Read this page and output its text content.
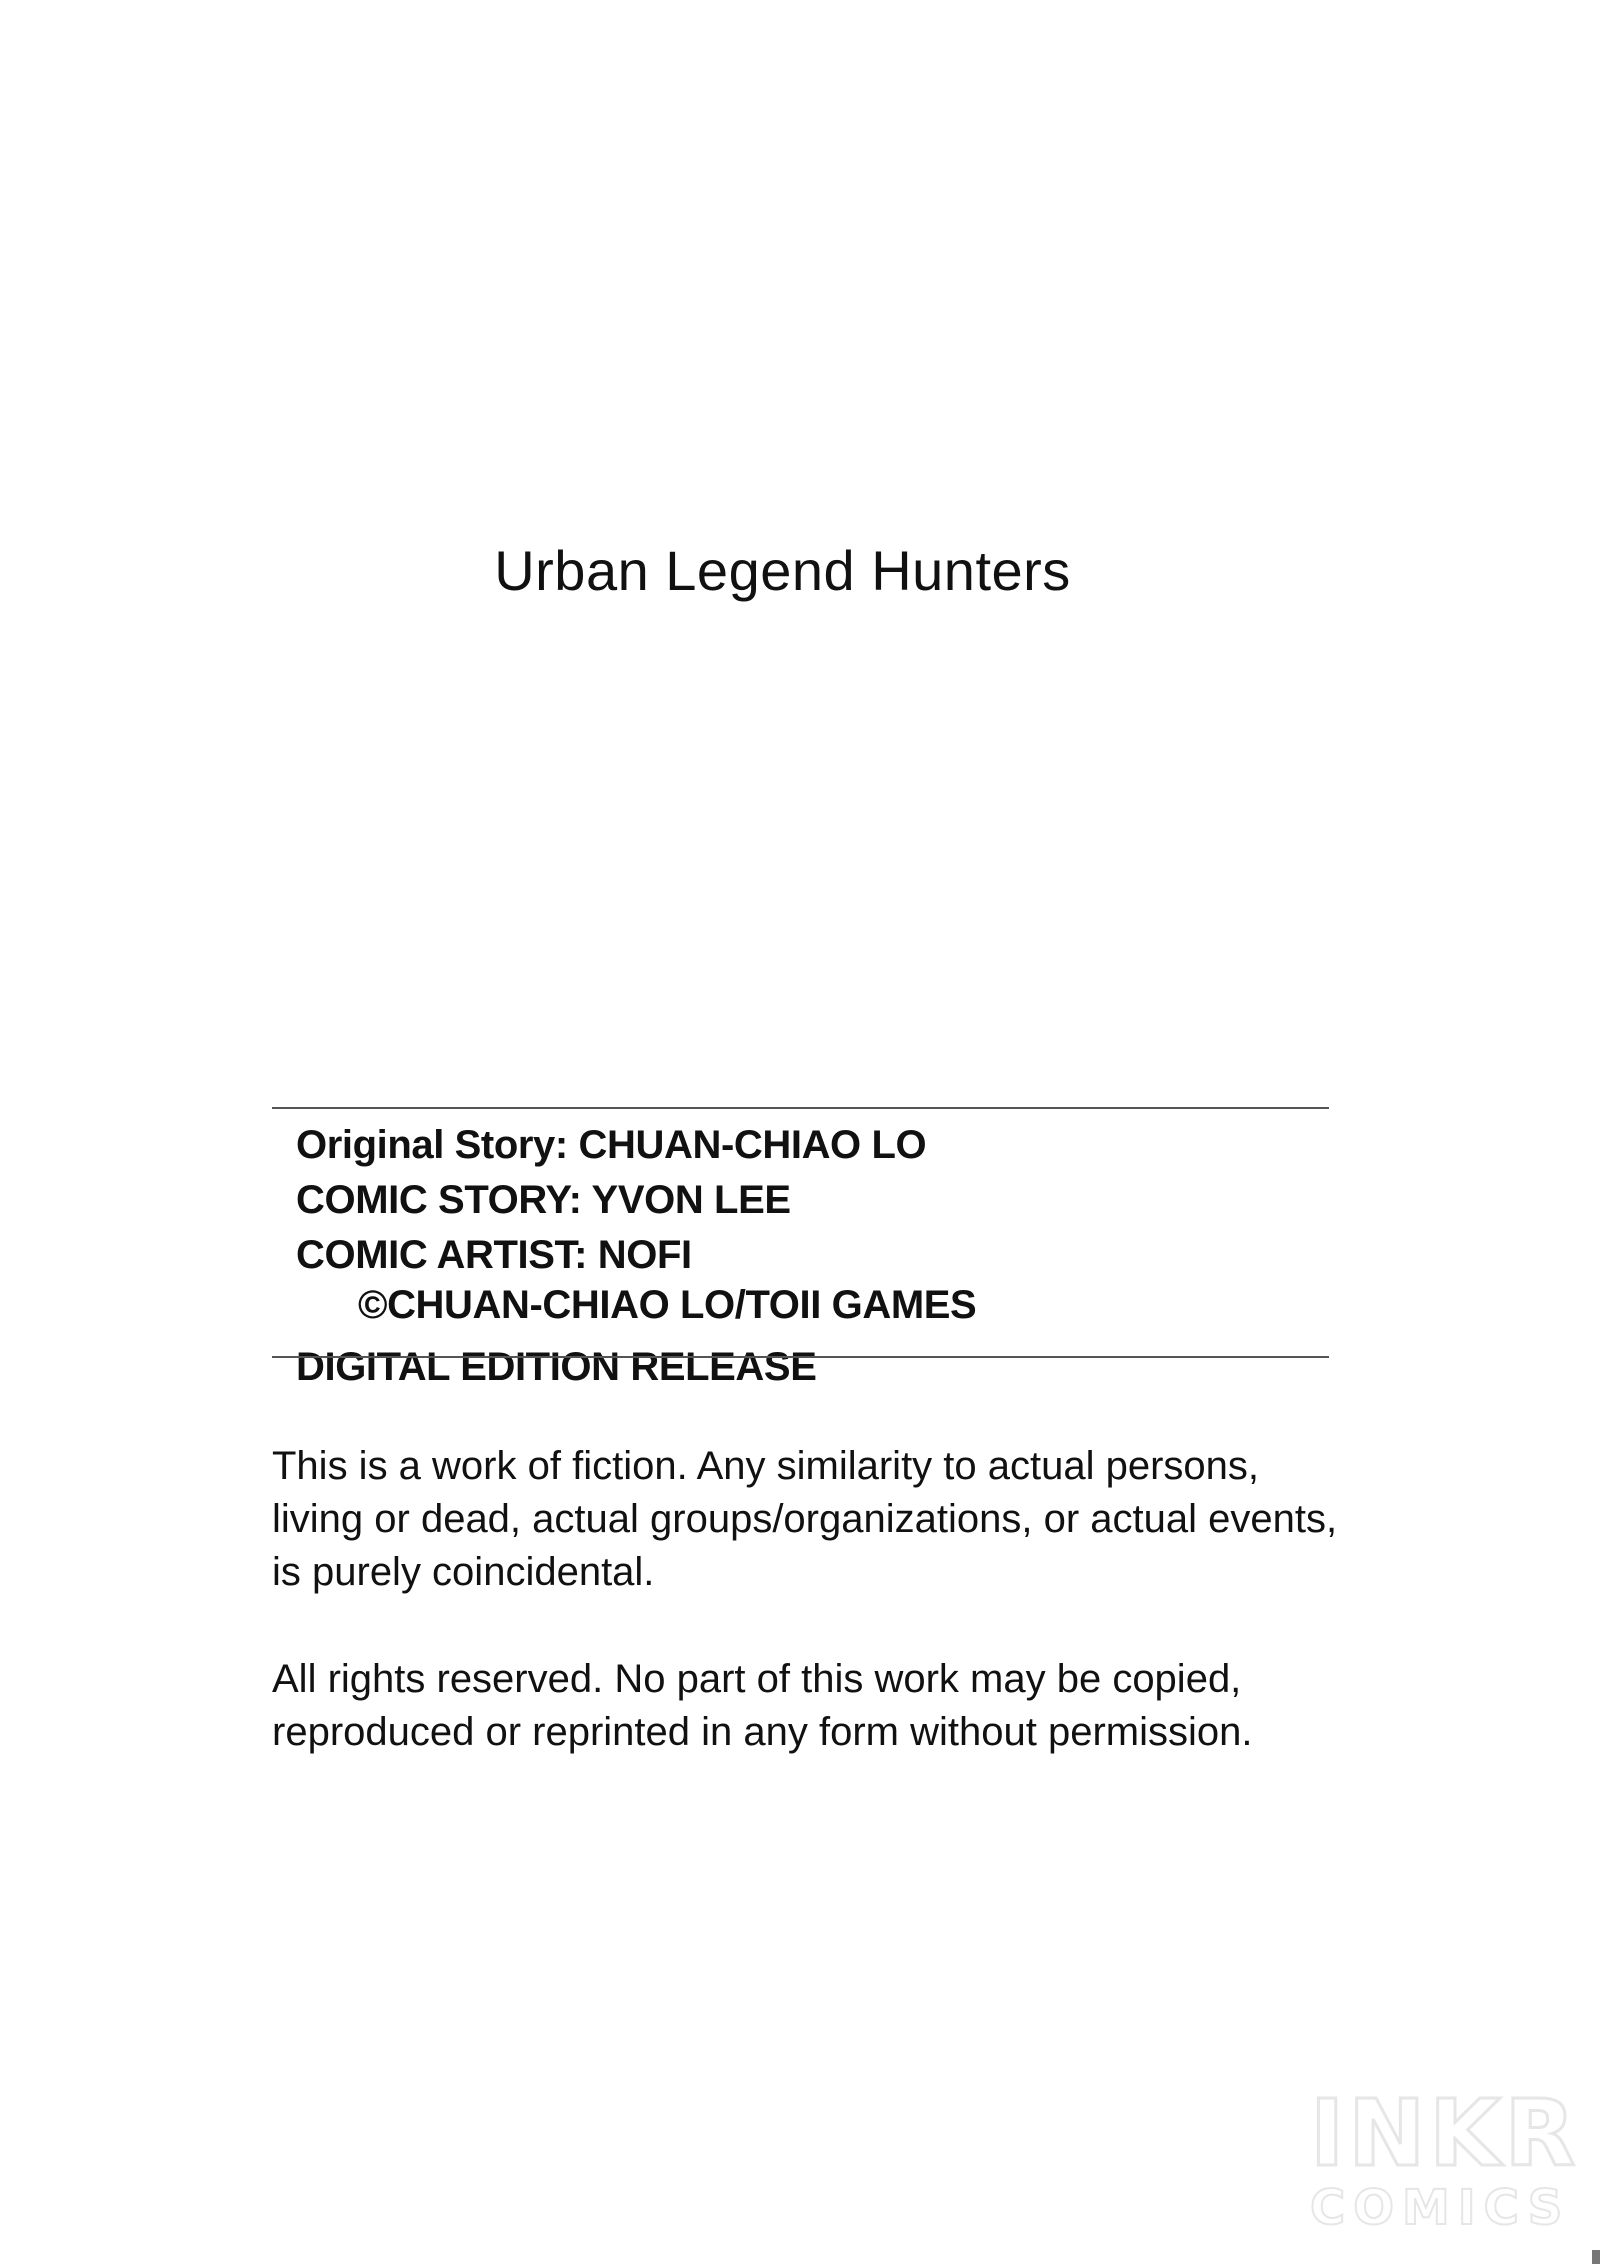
Urban Legend Hunters
Original Story: CHUAN-CHIAO LO
COMIC STORY: YVON LEE
COMIC ARTIST: NOFI
©CHUAN-CHIAO LO/TOII GAMES
DIGITAL EDITION RELEASE

This is a work of fiction. Any similarity to actual persons, living or dead, actual groups/organizations, or actual events, is purely coincidental.

All rights reserved. No part of this work may be copied, reproduced or reprinted in any form without permission.

INKR
COMICS
